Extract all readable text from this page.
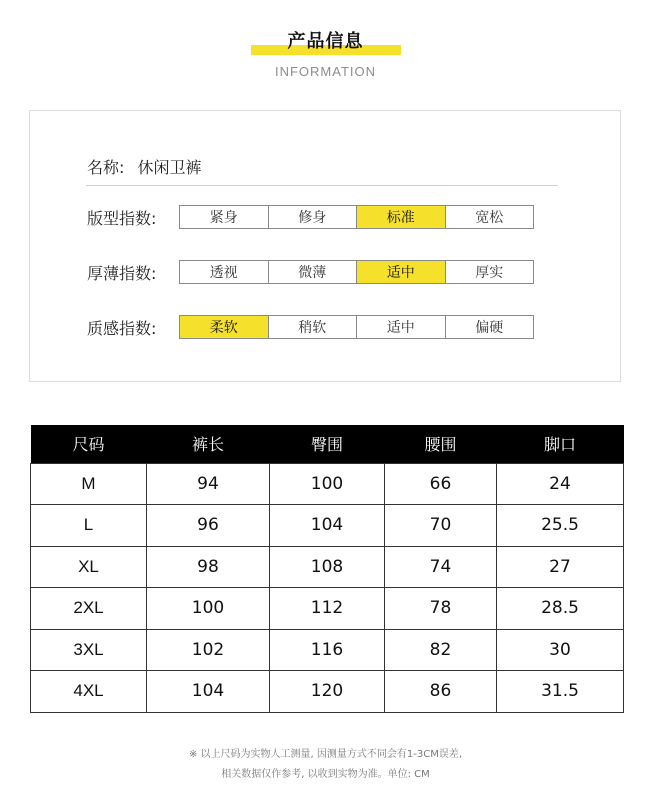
产品信息
INFORMATION
名称: 休闲卫裤
版型指数:	紧身	修身	标准	宽松
厚薄指数:	透视	微薄	适中	厚实
质感指数:	柔软	稍软	适中	偏硬
尺码	裤长	臀围	腰围	脚口
M	94	100	66	24
L	96	104	70	25.5
XL	98	108	74	27
2XL	100	112	78	28.5
3XL	102	116	82	30
4XL	104	120	86	31.5
※ 以上尺码为实物人工测量, 因测量方式不同会有1-3CM误差,
相关数据仅作参考, 以收到实物为准。单位: CM
